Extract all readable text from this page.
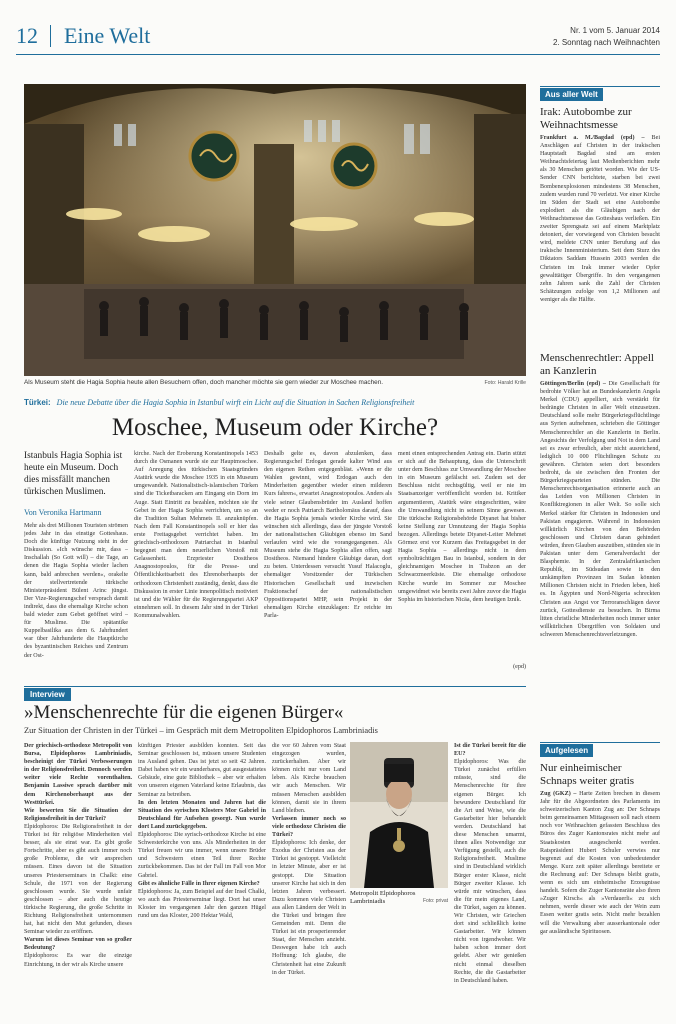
12 Eine Welt	Nr. 1 vom 5. Januar 2014
2. Sonntag nach Weihnachten
Als Museum steht die Hagia Sophia heute allen Besuchern offen, doch mancher möchte sie gern wieder zur Moschee machen.	Foto: Harald Krille
Türkei: Die neue Debatte über die Hagia Sophia in Istanbul wirft ein Licht auf die Situation in Sachen Religionsfreiheit
Moschee, Museum oder Kirche?
Istanbuls Hagia Sophia ist heute ein Museum. Doch dies missfällt manchen türkischen Muslimen.
Von Veronika Hartmann
Mehr als drei Millionen Touristen strömen jedes Jahr in das einstige Gotteshaus. Doch die künftige Nutzung steht in der Diskussion. »Ich wünsche mir, dass – Inschallah (So Gott will) – die Tage, an denen die Hagia Sophia wieder lachen kann, bald anbrechen werden«, orakelte der stellvertretende türkische Ministerpräsident Bülent Arinc jüngst. Der Vize-Regierungschef versprach damit indirekt, dass die ehemalige Kirche schon bald wieder zum Gebet geöffnet wird – für Muslime. Die spätantike Kuppelbasilika aus dem 6. Jahrhundert war über Jahrhunderte die Hauptkirche des byzantinischen Reiches und Zentrum der Ost-
kirche. Nach der Eroberung Konstantinopels 1453 durch die Osmanen wurde sie zur Hauptmoschee. Auf Anregung des türkischen Staatsgründers Atatürk wurde die Moschee 1935 in ein Museum umgewandelt. Nationalistisch-islamischen Türken sind die Ticketbaracken am Eingang ein Dorn im Auge. Statt Eintritt zu bezahlen, möchten sie ihr Gebet in der Hagia Sophia verrichten, um so an die Tradition Sultan Mehmets II. anzuknüpfen. Nach dem Fall Konstantinopels soll er hier das erste Freitagsgebet verrichtet haben. Im griechisch-orthodoxen Patriarchat in Istanbul begegnet man dem neuerlichen Vorstoß mit Gelassenheit. Erzpriester Dositheos Anagnostopoulos, für die Presse- und Öffentlichkeitsarbeit des Ehrenoberhaupts der orthodoxen Christenheit zuständig, denkt, dass die Diskussion in erster Linie innenpolitisch motiviert ist und die Wähler für die Regierungspartei AKP einnehmen soll. In diesem Jahr sind in der Türkei Kommunalwahlen.
Deshalb gelte es, davon abzulenken, dass Regierungschef Erdogan gerade kalter Wind aus den eigenen Reihen entgegenbläst. »Wenn er die Wahlen gewinnt, wird Erdogan auch den Minderheiten gegenüber wieder einen milderen Kurs fahren«, erwartet Anagnostopoulos. Anders als viele seiner Glaubensbrüder im Ausland hoffen weder er noch Patriarch Bartholomäus darauf, dass die Hagia Sophia jemals wieder Kirche wird. Sie wünschen sich allerdings, dass der jüngste Vorstoß der nationalistischen Gläubigen ebenso im Sand verlaufen wird wie die vorangegangenen. Als Museum stehe die Hagia Sophia allen offen, sagt Dositheos. Niemand hindere Gläubige daran, dort zu beten. Unterdessen versucht Yusuf Halacoglu, ehemaliger Vorsitzender der Türkischen Historischen Gesellschaft und inzwischen Fraktionschef der nationalistischen Oppositionspartei MHP, sein Projekt in der ehemaligen Kirche einzuklagen: Er reichte im Parla-
ment einen entsprechenden Antrag ein. Darin stützt er sich auf die Behauptung, dass die Unterschrift unter dem Beschluss zur Umwandlung der Moschee in ein Museum gefälscht sei. Zudem sei der Beschluss nicht rechtsgültig, weil er nie im Staatsanzeiger veröffentlicht worden ist. Kritiker argumentieren, Atatürk wäre eingeschritten, wäre die Umwandlung nicht in seinem Sinne gewesen. Die türkische Religionsbehörde Diyanet hat bisher keine Stellung zur Umnutzung der Hagia Sophia bezogen. Allerdings betete Diyanet-Leiter Mehmet Görmez erst vor Kurzem das Freitagsgebet in der Hagia Sophia – allerdings nicht in dem symbolträchtigen Bau in Istanbul, sondern in der gleichnamigen Moschee in Trabzon an der Schwarzmeerküste. Die ehemalige orthodoxe Kirche wurde im Sommer zur Moschee umgewidmet wie bereits zwei Jahre zuvor die Hagia Sophia im historischen Nicäa, dem heutigen Iznik.
(epd)
Aus aller Welt
Irak: Autobombe zur Weihnachtsmesse
Frankfurt a. M./Bagdad (epd) – Bei Anschlägen auf Christen in der irakischen Hauptstadt Bagdad sind am ersten Weihnachtsfeiertag laut Medienberichten mehr als 30 Menschen getötet worden. Wie der US-Sender CNN berichtete, starben bei zwei Bombenexplosionen mindestens 38 Menschen, zudem wurden rund 70 verletzt. Vor einer Kirche im Süden der Stadt sei eine Autobombe explodiert als die Gläubigen nach der Weihnachtsmesse das Gotteshaus verließen. Ein zweiter Sprengsatz sei auf einem Marktplatz detoniert, der vorwiegend von Christen besucht wird, meldete CNN unter Berufung auf das irakische Innenministerium. Seit dem Sturz des Diktators Saddam Hussein 2003 werden die Christen im Irak immer wieder Opfer gewalttätiger Übergriffe. In den vergangenen zehn Jahren sank die Zahl der Christen Schätzungen zufolge von 1,2 Millionen auf weniger als die Hälfte.
Menschenrechtler: Appell an Kanzlerin
Göttingen/Berlin (epd) – Die Gesellschaft für bedrohte Völker hat an Bundeskanzlerin Angela Merkel (CDU) appelliert, sich verstärkt für bedrängte Christen in aller Welt einzusetzen. Deutschland solle mehr Bürgerkriegsflüchtlinge aus Syrien aufnehmen, schrieben die Göttinger Menschenrechtler an die Kanzlerin in Berlin. Angesichts der Verfolgung und Not in dem Land sei es zwar erfreulich, aber nicht ausreichend, lediglich 10 000 Flüchtlingen Schutz zu gewähren. Christen seien dort besonders bedroht, da sie zwischen den Fronten der Bürgerkriegsparteien stünden. Die Menschenrechtsorganisation erinnerte auch an das Leiden von Millionen Christen in Konfliktregionen in aller Welt. So solle sich Merkel stärker für Christen in Indonesien und Pakistan engagieren. Während in Indonesien willkürlich Kirchen von den Behörden geschlossen und Christen daran gehindert würden, ihren Glauben auszuüben, stünden sie in Pakistan unter dem Generalverdacht der Blasphemie. In der Zentralafrikanischen Republik, im Südsudan sowie in den umkämpften Provinzen im Sudan könnten Millionen Christen nicht in Frieden leben, hieß es. In Ägypten und Nord-Nigeria schreckten Christen aus Angst vor Terroranschlägen davor zurück, Gottesdienste zu besuchen. In Birma litten christliche Minderheiten noch immer unter willkürlichen Übergriffen von Soldaten und schweren Menschenrechtsverletzungen.
Aufgelesen
Nur einheimischer Schnaps weiter gratis
Zug (GKZ) – Harte Zeiten brechen in diesem Jahr für die Abgeordneten des Parlaments im schweizerischen Kanton Zug an: Der Schnaps beim gemeinsamen Mittagessen soll nach einem noch vor Weihnachten gefassten Beschluss des Büros des Zuger Kantonsrates nicht mehr auf Staatskosten ausgeschenkt werden. Ratspräsident Hubert Schuler verwies nur begrenzt auf die Kosten von unbedeutender Menge. Kurz zeit später allerdings bereitete er die Rechnung auf: Der Schnaps bleibt gratis, wenn es sich um einheimische Erzeugnisse handelt. Sofern die Zuger Kantonsräte also ihren »Zuger Kirsch« als »Verdauerli« zu sich nehmen, werde dieser wie auch der Wein zum Essen weiter gratis sein. Nicht mehr bezahlen will die Verwaltung aber ausserkantonale oder gar ausländische Spirituosen.
Interview
»Menschenrechte für die eigenen Bürger«
Zur Situation der Christen in der Türkei – im Gespräch mit dem Metropoliten Elpidophoros Lambriniadis
Der griechisch-orthodoxe Metropolit von Bursa, Elpidophoros Lambriniadis, bescheinigt der Türkei Verbesserungen in der Religionsfreiheit. Dennoch werden weiter viele Rechte vorenthalten. Benjamin Lassiwe sprach darüber mit dem Kirchenoberhaupt aus der Westtürkei.
Wie bewerten Sie die Situation der Religionsfreiheit in der Türkei?
Elpidophoros: Die Religionsfreiheit in der Türkei ist für religiöse Minderheiten viel besser, als sie einst war. Es gibt große Fortschritte, aber es gibt auch immer noch große Probleme, die wir ansprechen müssen. Eines davon ist die Situation unseres Priesterseminars in Chalki: eine Schule, die 1971 von der Regierung geschlossen wurde. Sie wurde unfair geschlossen – aber auch die heutige türkische Regierung, die große Schritte in Richtung Religionsfreiheit unternommen hat, hat nicht den Mut gefunden, dieses Seminar wieder zu eröffnen.
Warum ist dieses Seminar von so großer Bedeutung?
Elpidophoros: Es war die einzige Einrichtung, in der wir als Kirche unsere
künftigen Priester ausbilden konnten. Seit das Seminar geschlossen ist, müssen unsere Studenten ins Ausland gehen. Das ist jetzt so seit 42 Jahren. Dabei haben wir ein wunderbares, gut ausgestattetes Gebäude, eine gute Bibliothek – aber wir erhalten von unseren eigenen Vaterland keine Erlaubnis, das Seminar zu betreiben.
In den letzten Monaten und Jahren hat die Situation des syrischen Klosters Mor Gabriel in Deutschland für Aufsehen gesorgt. Nun wurde dort Land zurückgegeben.
Elpidophoros: Die syrisch-orthodoxe Kirche ist eine Schwesterkirche von uns. Als Minderheiten in der Türkei freuen wir uns immer, wenn unsere Brüder und Schwestern einen Teil ihrer Rechte zurückbekommen. Das ist der Fall im Fall von Mor Gabriel.
Gibt es ähnliche Fälle in Ihrer eigenen Kirche?
Elpidophoros: Ja, zum Beispiel auf der Insel Chalki, wo auch das Priesterseminar liegt. Dort hat unser Kloster im vergangenen Jahr den ganzen Hügel rund um das Kloster, 200 Hektar Wald,
die vor 60 Jahren vom Staat eingezogen wurden, zurückerhalten. Aber wir können nicht nur vom Land leben. Als Kirche brauchen wir auch Menschen. Wir müssen Menschen ausbilden können, damit sie in ihrem Land bleiben.
Verlassen immer noch so viele orthodoxe Christen die Türkei?
Elpidophoros: Ich denke, der Exodus der Christen aus der Türkei ist gestoppt. Vielleicht in letzter Minute, aber er ist gestoppt. Die Situation unserer Kirche hat sich in den letzten Jahren verbessert. Dazu kommen viele Christen aus allen Ländern der Welt in die Türkei und bringen ihre Gemeinden mit. Denn die Türkei ist ein prosperierender Staat, der Menschen anzieht. Deswegen habe ich auch Hoffnung: Ich glaube, die Christenheit hat eine Zukunft in der Türkei.
Metropolit Elpidophoros Lambriniadis	Foto: privat
Ist die Türkei bereit für die EU?
Elpidophoros: Was die Türkei zunächst erfüllen müsste, sind die Menschenrechte für ihre eigenen Bürger. Ich bewundere Deutschland für die Art und Weise, wie die Gastarbeiter hier behandelt werden. Deutschland hat diese Menschen umarmt, ihnen alles Notwendige zur Verfügung gestellt, auch die Religionsfreiheit. Muslime sind in Deutschland wirklich Bürger erster Klasse, nicht Bürger zweiter Klasse. Ich würde mir wünschen, dass die für mein eigenes Land, die Türkei, sagen zu können. Wir Christen, wir Griechen dort sind schließlich keine Gastarbeiter. Wir können nicht von irgendwoher. Wir haben schon immer dort gelebt. Aber wir genießen nicht einmal dieselben Rechte, die die Gastarbeiter in Deutschland haben.
